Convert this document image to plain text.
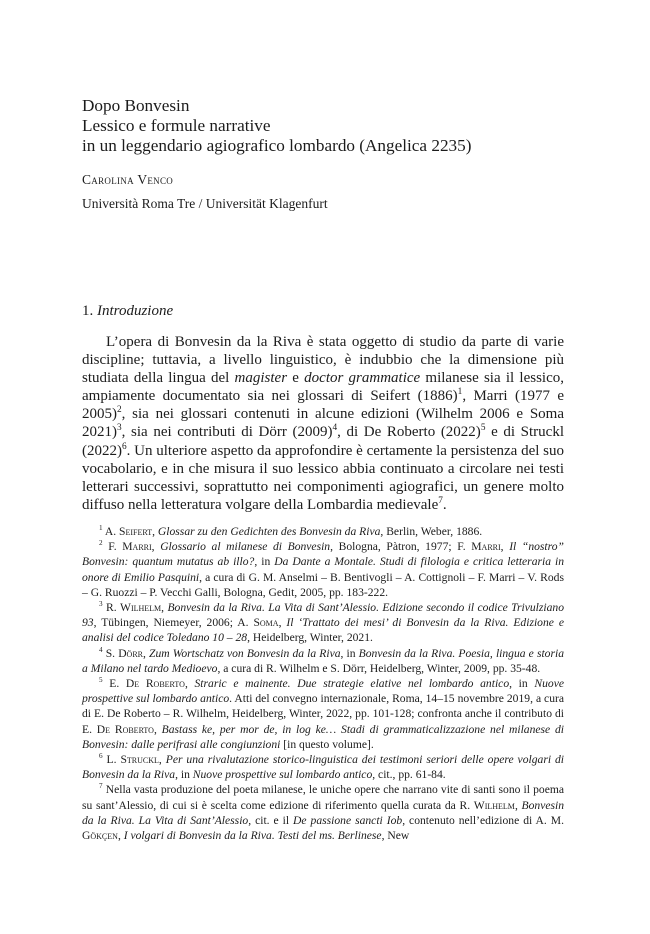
Dopo Bonvesin
Lessico e formule narrative
in un leggendario agiografico lombardo (Angelica 2235)
Carolina Venco
Università Roma Tre / Universität Klagenfurt
1. Introduzione

L’opera di Bonvesin da la Riva è stata oggetto di studio da parte di varie discipline; tuttavia, a livello linguistico, è indubbio che la dimensione più studiata della lingua del magister e doctor grammatice milanese sia il lessico, ampiamente documentato sia nei glossari di Seifert $(1886)^1$, Marri (1977 e 2005)$^2$, sia nei glossari contenuti in alcune edizioni (Wilhelm 2006 e Soma 2021)$^3$, sia nei contributi di Dörr $(2009)^4$, di De Roberto $(2022)^5$ e di Struckl $(2022)^6$. Un ulteriore aspetto da approfondire è certamente la persistenza del suo vocabolario, e in che misura il suo lessico abbia continuato a circolare nei testi letterari successivi, soprattutto nei componimenti agiografici, un genere molto diffuso nella letteratura volgare della Lombardia medievale$^7$.

$^1$ A. Seifert, Glossar zu den Gedichten des Bonvesin da Riva, Berlin, Weber, 1886.

$^2$ F. Marri, Glossario al milanese di Bonvesin, Bologna, Pàtron, 1977; F. Marri, Il “nostro” Bonvesin: quantum mutatus ab illo?, in Da Dante a Montale. Studi di filologia e critica letteraria in onore di Emilio Pasquini, a cura di G. M. Anselmi – B. Bentivogli – A. Cottignoli – F. Marri – V. Rods – G. Ruozzi – P. Vecchi Galli, Bologna, Gedit, 2005, pp. 183-222.

$^3$ R. Wilhelm, Bonvesin da la Riva. La Vita di Sant’Alessio. Edizione secondo il codice Trivulziano 93, Tübingen, Niemeyer, 2006; A. Soma, Il ‘Trattato dei mesi’ di Bonvesin da la Riva. Edizione e analisi del codice Toledano 10 – 28, Heidelberg, Winter, 2021.

$^4$ S. Dörr, Zum Wortschatz von Bonvesin da la Riva, in Bonvesin da la Riva. Poesia, lingua e storia a Milano nel tardo Medioevo, a cura di R. Wilhelm e S. Dörr, Heidelberg, Winter, 2009, pp. 35-48.

$^5$ E. De Roberto, Straric e mainente. Due strategie elative nel lombardo antico, in Nuove prospettive sul lombardo antico. Atti del convegno internazionale, Roma, 14–15 novembre 2019, a cura di E. De Roberto – R. Wilhelm, Heidelberg, Winter, 2022, pp. 101-128; confronta anche il contributo di E. De Roberto, Bastass ke, per mor de, in log ke… Stadi di grammaticalizzazione nel milanese di Bonvesin: dalle perifrasi alle congiunzioni [in questo volume].

$^6$ L. Struckl, Per una rivalutazione storico-linguistica dei testimoni seriori delle opere volgari di Bonvesin da la Riva, in Nuove prospettive sul lombardo antico, cit., pp. 61-84.

$^7$ Nella vasta produzione del poeta milanese, le uniche opere che narrano vite di santi sono il poema su sant’Alessio, di cui si è scelta come edizione di riferimento quella curata da R. Wilhelm, Bonvesin da la Riva. La Vita di Sant’Alessio, cit. e il De passione sancti Iob, contenuto nell’edizione di A. M. Gökçen, I volgari di Bonvesin da la Riva. Testi del ms. Berlinese, New
